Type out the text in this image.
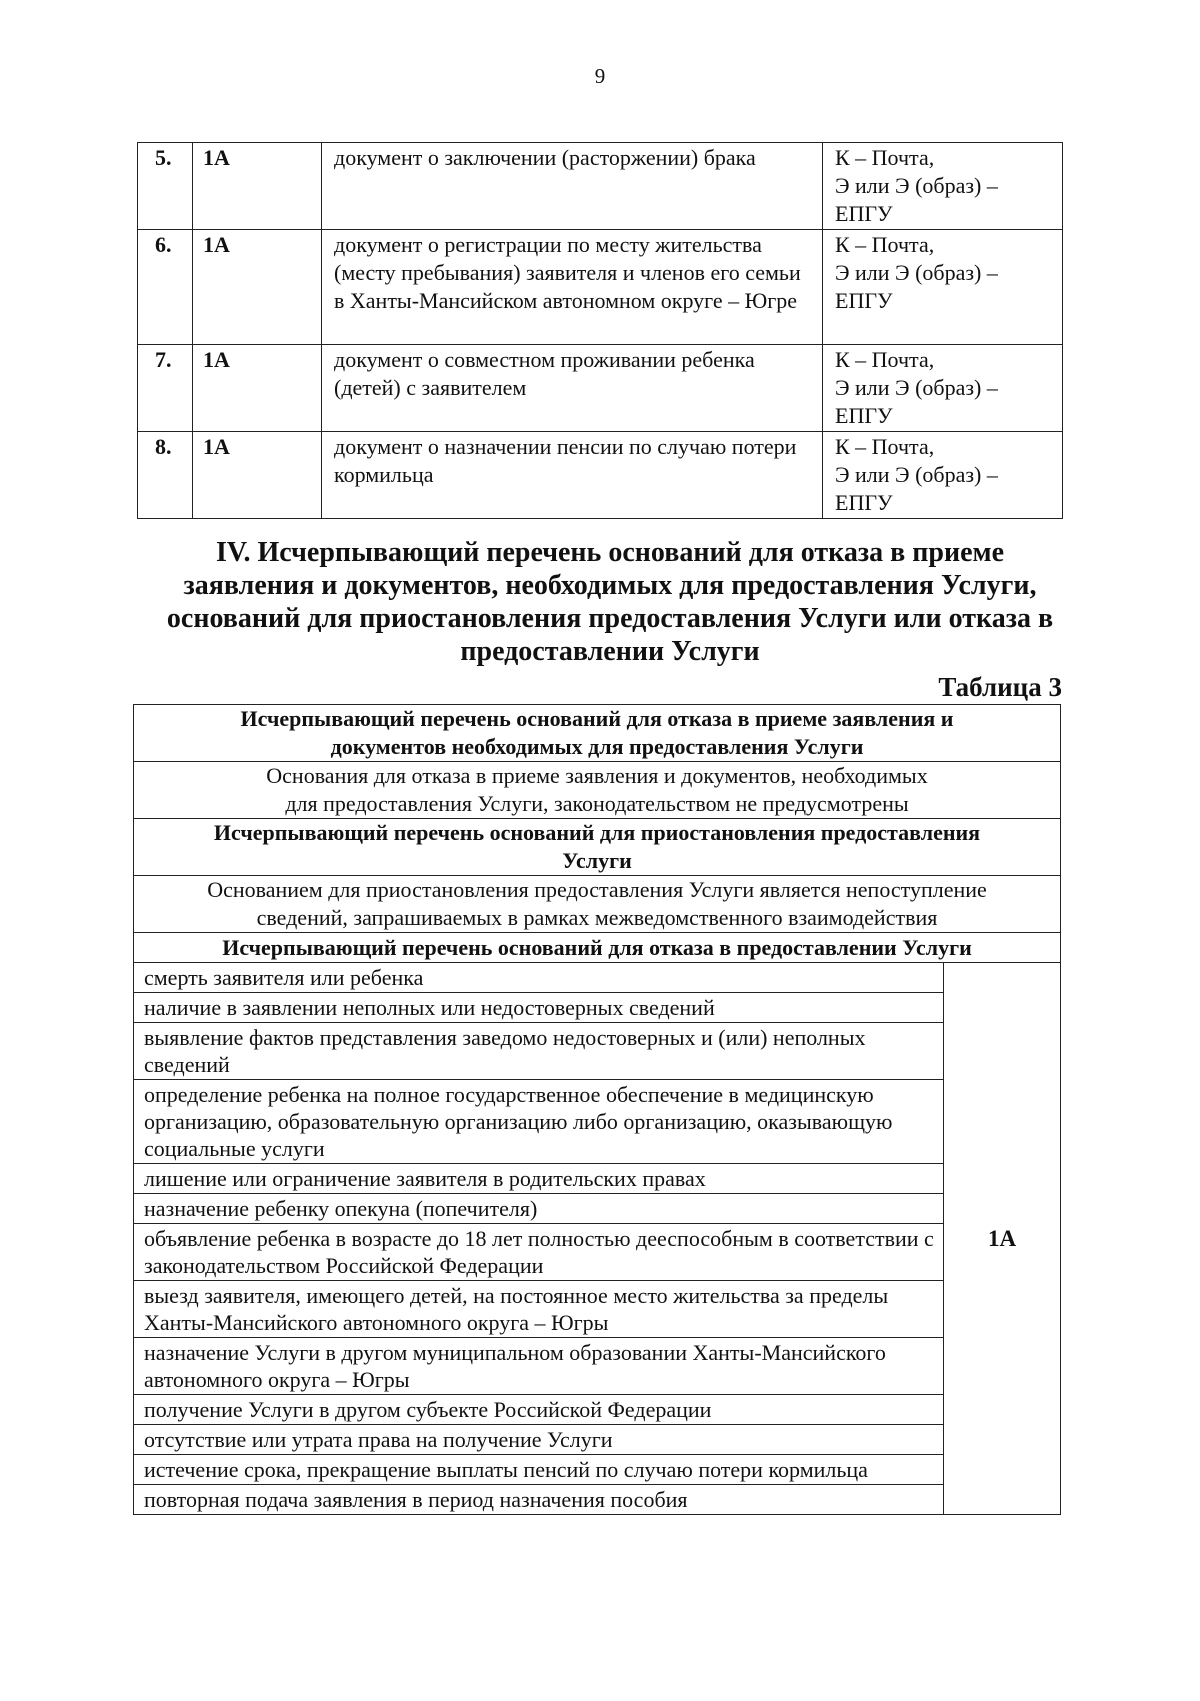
9
5.	1А	документ о заключении (расторжении) брака	К – Почта,
Э или Э (образ) –
ЕПГУ

6.	1А	документ о регистрации по месту жительства (месту пребывания) заявителя и членов его семьи в Ханты-Мансийском автономном округе – Югре	К – Почта,
Э или Э (образ) –
ЕПГУ

7.	1А	документ о совместном проживании ребенка (детей) с заявителем	К – Почта,
Э или Э (образ) –
ЕПГУ

8.	1А	документ о назначении пенсии по случаю потери кормильца	К – Почта,
Э или Э (образ) –
ЕПГУ
IV. Исчерпывающий перечень оснований для отказа в приеме
заявления и документов, необходимых для предоставления Услуги,
оснований для приостановления предоставления Услуги или отказа в
предоставлении Услуги
Таблица 3
Исчерпывающий перечень оснований для отказа в приеме заявления и
документов необходимых для предоставления Услуги

Основания для отказа в приеме заявления и документов, необходимых
для предоставления Услуги, законодательством не предусмотрены

Исчерпывающий перечень оснований для приостановления предоставления
Услуги

Основанием для приостановления предоставления Услуги является непоступление
сведений, запрашиваемых в рамках межведомственного взаимодействия

Исчерпывающий перечень оснований для отказа в предоставлении Услуги
смерть заявителя или ребенка	1А
наличие в заявлении неполных или недостоверных сведений
выявление фактов представления заведомо недостоверных и (или) неполных сведений
определение ребенка на полное государственное обеспечение в медицинскую организацию, образовательную организацию либо организацию, оказывающую социальные услуги
лишение или ограничение заявителя в родительских правах
назначение ребенку опекуна (попечителя)
объявление ребенка в возрасте до 18 лет полностью дееспособным в соответствии с законодательством Российской Федерации
выезд заявителя, имеющего детей, на постоянное место жительства за пределы Ханты-Мансийского автономного округа – Югры
назначение Услуги в другом муниципальном образовании Ханты-Мансийского автономного округа – Югры
получение Услуги в другом субъекте Российской Федерации
отсутствие или утрата права на получение Услуги
истечение срока, прекращение выплаты пенсий по случаю потери кормильца
повторная подача заявления в период назначения пособия
